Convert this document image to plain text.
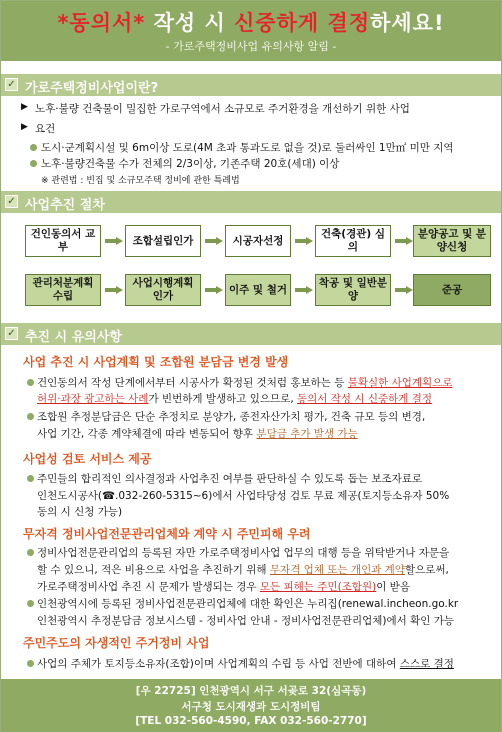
*동의서* 작성 시 신중하게 결정하세요!
- 가로주택정비사업 유의사항 알림 -
✓ 가로주택정비사업이란?
▶ 노후·불량 건축물이 밀집한 가로구역에서 소규모로 주거환경을 개선하기 위한 사업
▶ 요건
도시·군계획시설 및 6m이상 도로(4M 초과 통과도로 없을 것)로 둘러싸인 1만㎡ 미만 지역
노후·불량건축물 수가 전체의 2/3이상, 기존주택 20호(세대) 이상
※ 관련법 : 빈집 및 소규모주택 정비에 관한 특례법
✓ 사업추진 절차
건인동의서 교부
조합설립인가	시공자선정
건축(경관) 심의
분양공고 및 분양신청
관리처분계획 수립
사업시행계획 인가
이주 및 철거
착공 및 일반분양
준공
✓ 추진 시 유의사항
사업 추진 시 사업계획 및 조합원 분담금 변경 발생
건인동의서 작성 단계에서부터 시공사가 확정된 것처럼 홍보하는 등 불확실한 사업계획으로
허위·과장 광고하는 사례가 빈번하게 발생하고 있으므로, 동의서 작성 시 신중하게 결정
조합원 추정분담금은 단순 추정치로 분양가, 종전자산가치 평가, 건축 규모 등의 변경,
사업 기간, 각종 계약체결에 따라 변동되어 향후 분담금 추가 발생 가능
사업성 검토 서비스 제공
주민들의 합리적인 의사결정과 사업추진 여부를 판단하실 수 있도록 돕는 보조자료로
인천도시공사(☎.032-260-5315~6)에서 사업타당성 검토 무료 제공(토지등소유자 50%
동의 시 신청 가능)
무자격 정비사업전문관리업체와 계약 시 주민피해 우려
정비사업전문관리업의 등록된 자만 가로주택정비사업 업무의 대행 등을 위탁받거나 자문을
할 수 있으니, 적은 비용으로 사업을 추진하기 위해 무자격 업체 또는 개인과 계약할으로써,
가로주택정비사업 추진 시 문제가 발생되는 경우 모든 피해는 주민(조합원)이 받음
인천광역시에 등록된 정비사업전문관리업체에 대한 확인은 누리집(renewal.incheon.go.kr
인천광역시 추정분담금 정보시스템 - 정비사업 안내 - 정비사업전문관리업체)에서 확인 가능
주민주도의 자생적인 주거정비 사업
사업의 주체가 토지등소유자(조합)이며 사업계획의 수립 등 사업 전반에 대하여 스스로 결정
[우 22725] 인천광역시 서구 서곶로 32(심곡동)
서구청 도시재생과 도시정비팀
[TEL 032-560-4590, FAX 032-560-2770]
